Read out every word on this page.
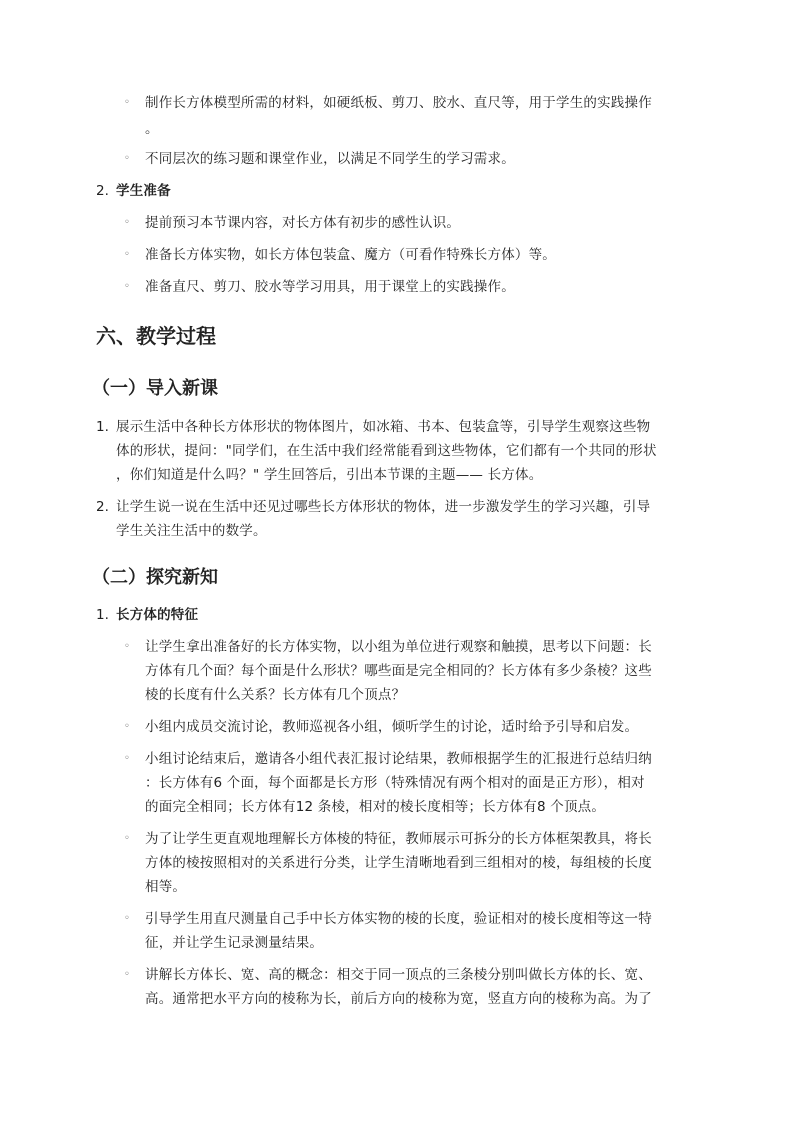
◦ 制作长方体模型所需的材料，如硬纸板、剪刀、胶水、直尺等，用于学生的实践操作
。
◦ 不同层次的练习题和课堂作业，以满足不同学生的学习需求。
2. 学生准备
◦ 提前预习本节课内容，对长方体有初步的感性认识。
◦ 准备长方体实物，如长方体包装盒、魔方（可看作特殊长方体）等。
◦ 准备直尺、剪刀、胶水等学习用具，用于课堂上的实践操作。
六、教学过程
（一）导入新课
1. 展示生活中各种长方体形状的物体图片，如冰箱、书本、包装盒等，引导学生观察这些物
体的形状，提问："同学们，在生活中我们经常能看到这些物体，它们都有一个共同的形状
，你们知道是什么吗？" 学生回答后，引出本节课的主题—— 长方体。
2. 让学生说一说在生活中还见过哪些长方体形状的物体，进一步激发学生的学习兴趣，引导
学生关注生活中的数学。
（二）探究新知
1. 长方体的特征
◦ 让学生拿出准备好的长方体实物，以小组为单位进行观察和触摸，思考以下问题：长
方体有几个面？每个面是什么形状？哪些面是完全相同的？长方体有多少条棱？这些
棱的长度有什么关系？长方体有几个顶点？
◦ 小组内成员交流讨论，教师巡视各小组，倾听学生的讨论，适时给予引导和启发。
◦ 小组讨论结束后，邀请各小组代表汇报讨论结果，教师根据学生的汇报进行总结归纳
：长方体有6 个面，每个面都是长方形（特殊情况有两个相对的面是正方形），相对
的面完全相同；长方体有12 条棱，相对的棱长度相等；长方体有8 个顶点。
◦ 为了让学生更直观地理解长方体棱的特征，教师展示可拆分的长方体框架教具，将长
方体的棱按照相对的关系进行分类，让学生清晰地看到三组相对的棱，每组棱的长度
相等。
◦ 引导学生用直尺测量自己手中长方体实物的棱的长度，验证相对的棱长度相等这一特
征，并让学生记录测量结果。
◦ 讲解长方体长、宽、高的概念：相交于同一顶点的三条棱分别叫做长方体的长、宽、
高。通常把水平方向的棱称为长，前后方向的棱称为宽，竖直方向的棱称为高。为了
